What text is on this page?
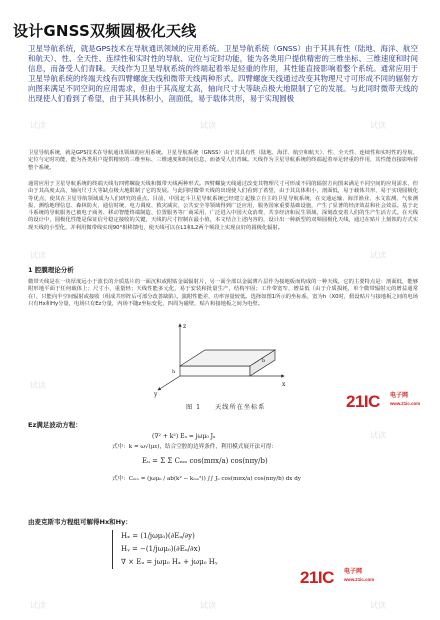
设计GNSS双频圆极化天线
卫星导航系统，就是GPS技术在导航通讯领域的应用系统。卫星导航系统（GNSS）由于其具有性（陆地、海洋、航空和航天）、性、全天性、连续性和实时性的导航、定位与定时功能，能为各类用户提供精密的三维坐标、三维速度和时间信息，而备受人们青睐。天线作为卫星导航系统的终端起着举足轻重的作用，其性能直接影响着整个系统。通常应用于卫星导航系统的终端天线有四臂螺旋天线和微带天线两种形式。四臂螺旋天线通过改变其物理尺寸可形成不同的辐射方向图来满足不同空间的应用需求，但由于其高度太高，轴向尺寸大等缺点极大地限制了它的发展。与此同时微带天线的出现使人们看到了希望，由于其具体积小，剖面低，易于载体共形，易于实现圆极
卫星导航系统，就是GPS技术在导航通讯领域的应用系统。卫星导航系统（GNSS）由于其具有性（陆地、海洋、航空和航天）、性、全天性、连续性和实时性的导航、定位与定时功能，能为各类用户提供精密的三维坐标、三维速度和时间信息，而备受人们青睐。天线作为卫星导航系统的终端起着举足轻重的作用，其性能直接影响着整个系统。
通常应用于卫星导航系统的终端天线有四臂螺旋天线和微带天线两种形式。四臂螺旋天线通过改变其物理尺寸可形成不同的辐射方向图来满足不同空间的应用需求，但由于其高度太高，轴向尺寸大等缺点极大地限制了它的发展。与此同时微带天线的出现使人们看到了希望，由于其具体积小，剖面低，易于载体共形，易于实现圆极化等优点，使其在卫星导航领域成为人们研究的重点。目前，中国北斗卫星导航系统已经建立起独立自主的卫星导航系统，在交通运输、海洋渔业、水文监测、气象测报、测绘地理信息、森林防火、通信时统、电力调度、救灾减灾、公共安全等领域得到广泛应用，服务国家重要基础设施，产生了显著的经济效益和社会效益。基于北斗系统的导航服务已被电子商务、移动智能终端制造、位置服务等厂商采用，广泛进入中国大众消费、共享经济和民生领域，深刻改变着人们的生产生活方式。在天线的设计中，圆极化性能是保证信号稳定接收的关键，天线的尺寸控制在最小值，本文结合上述内容的，设计出一种新型的双频圆极化天线，通过在贴片上刻蚀的方式实现天线的小型化，并利用微带线实现90°相移馈电，使天线可以在L1和L2两个频段上实现良好的圆极化辐射。
1 腔膜理论分析
微带天线是在一块厚度远小于波长的介质基片的一面沉积或附贴金属辐射片，另一面全部以金属薄片层作为接地板而构成的一种天线，它的主要特点是：剖面低，能够附形地平面于任何载体上；尺寸小，重量轻；天线性能多元化，易于安装和批量生产，结构牢固；工作带宽窄，增益低（由于介质损耗，单个微带辐射元的增益通常在），只能向半空间辐射或接收（组成共形阵后可部分改善缺陷）。演附性能差，功率容量较低。选择如图1所示的坐标系，宽为h（X0时，假设贴片与接地板之间的电场只有Hx和Hy分量，电场只有Ez分量，内场不随z坐标变化，四周为磁壁，贴片和接地板之间为电壁。
z
x
y
b
h
图 1 天线所在坐标系	21IC 电子网
www.21ic.com
Ez满足波动方程：
(∇² + k²) Eᵤ = jωμ₀ Jᵤ
式中：k = ω√(με)，结合空腔的边界条件，利用模式展开法可得：
Eᵤ = Σ Σ Cₘₙ cos(mπx/a) cos(nπy/b)
式中：Cₘₙ = (jωμ₀ / ab(k² − kₘₙ²)) ∫∫ Jᵤ cos(mπx/a) cos(nπy/b) dx dy
由麦克斯韦方程组可解得Hx和Hy：
Hₓ = (1/jωμ₀)(∂Eᵤ/∂y)
Hᵧ = −(1/jωμ₀)(∂Eᵤ/∂x)
∇ × Eᵤ = jωμ₀ Hₓ + jωμ₀ Hᵧ
21IC 电子网
www.21ic.com
试读	试读	试读
试读	试读
试读
试读
试读	试读	试读
